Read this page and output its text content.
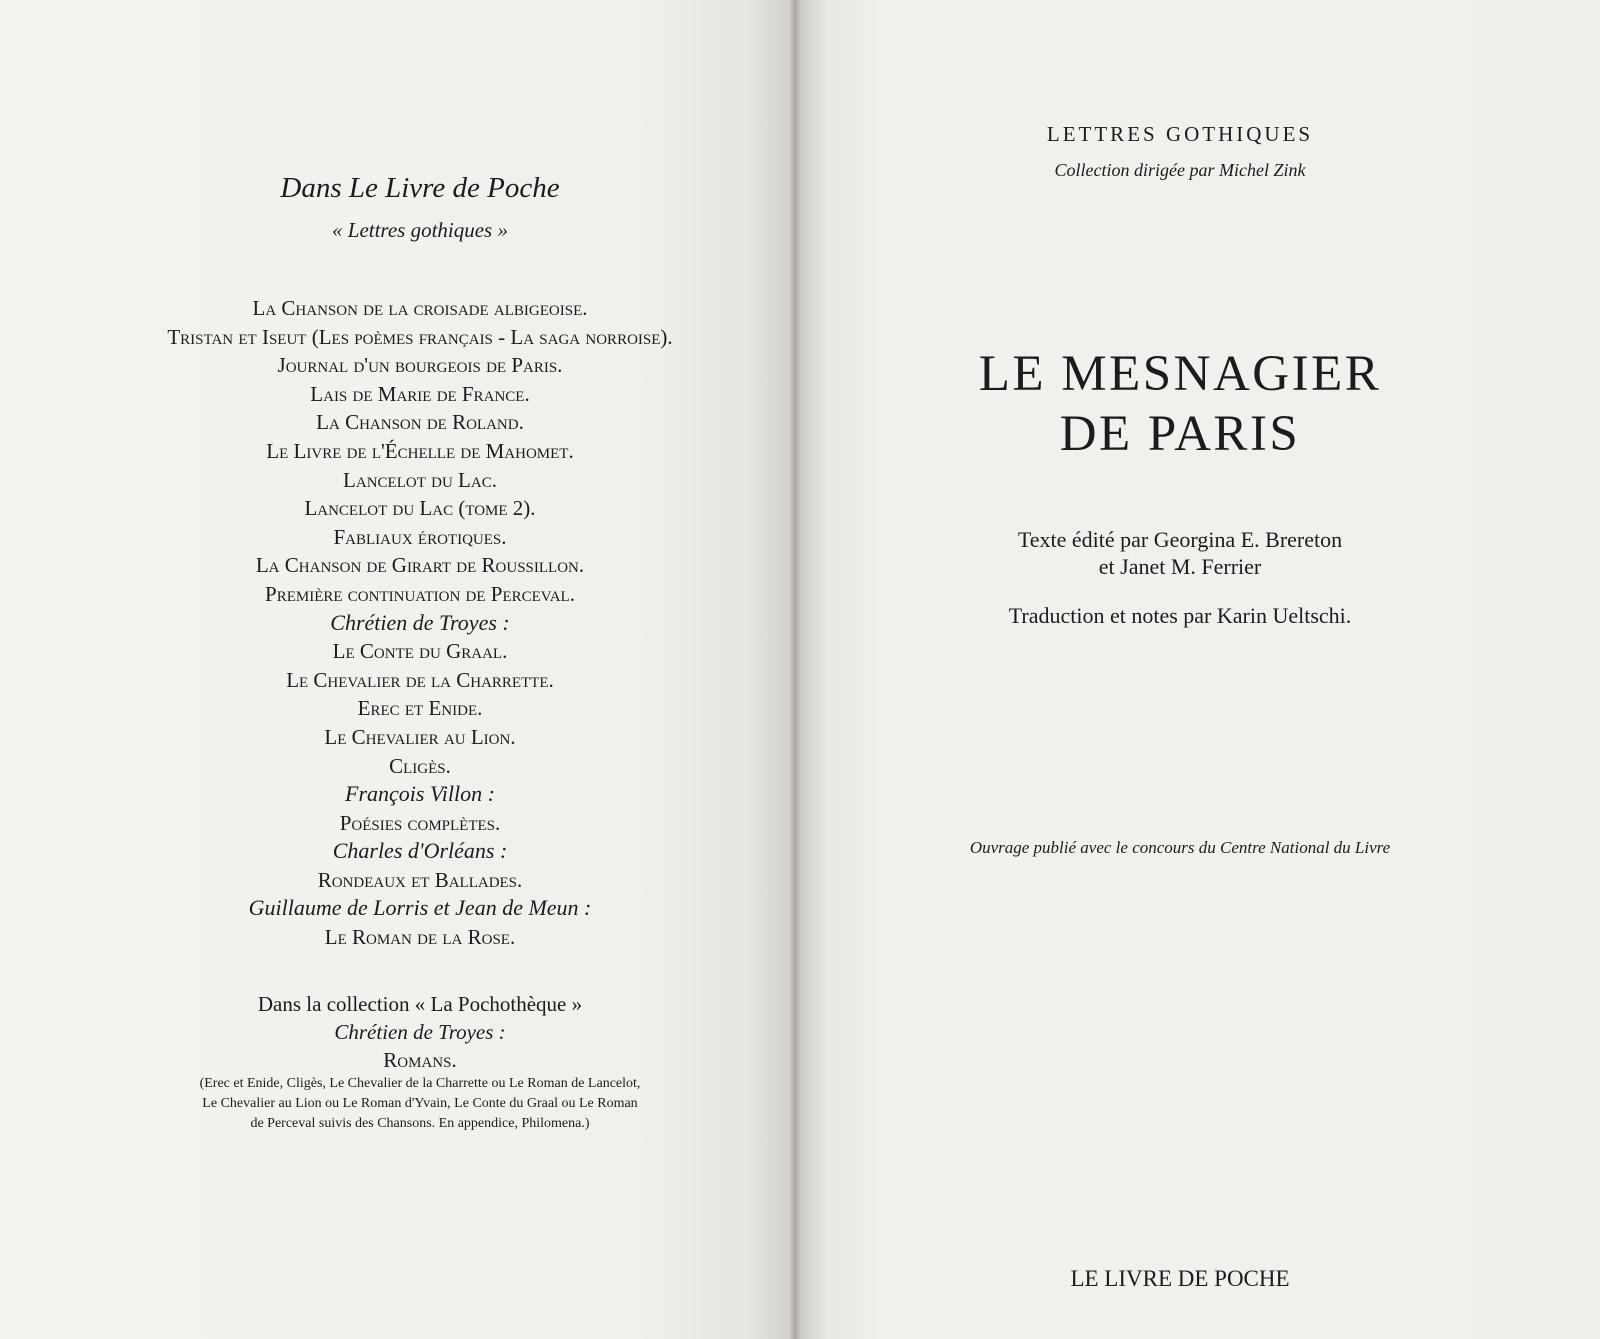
Dans Le Livre de Poche
« Lettres gothiques »
La Chanson de la croisade albigeoise.
Tristan et Iseut (Les poèmes français - La saga norroise).
Journal d'un bourgeois de Paris.
Lais de Marie de France.
La Chanson de Roland.
Le Livre de l'Échelle de Mahomet.
Lancelot du Lac.
Lancelot du Lac (tome 2).
Fabliaux érotiques.
La Chanson de Girart de Roussillon.
Première continuation de Perceval.
Chrétien de Troyes :
Le Conte du Graal.
Le Chevalier de la Charrette.
Erec et Enide.
Le Chevalier au Lion.
Cligès.
François Villon :
Poésies complètes.
Charles d'Orléans :
Rondeaux et Ballades.
Guillaume de Lorris et Jean de Meun :
Le Roman de la Rose.
Dans la collection « La Pochothèque »
Chrétien de Troyes :
Romans.
(Erec et Enide, Cligès, Le Chevalier de la Charrette ou Le Roman de Lancelot,
Le Chevalier au Lion ou Le Roman d'Yvain, Le Conte du Graal ou Le Roman
de Perceval suivis des Chansons. En appendice, Philomena.)
LETTRES GOTHIQUES
Collection dirigée par Michel Zink
LE MESNAGIER
DE PARIS
Texte édité par Georgina E. Brereton
et Janet M. Ferrier
Traduction et notes par Karin Ueltschi.
Ouvrage publié avec le concours du Centre National du Livre
LE LIVRE DE POCHE
